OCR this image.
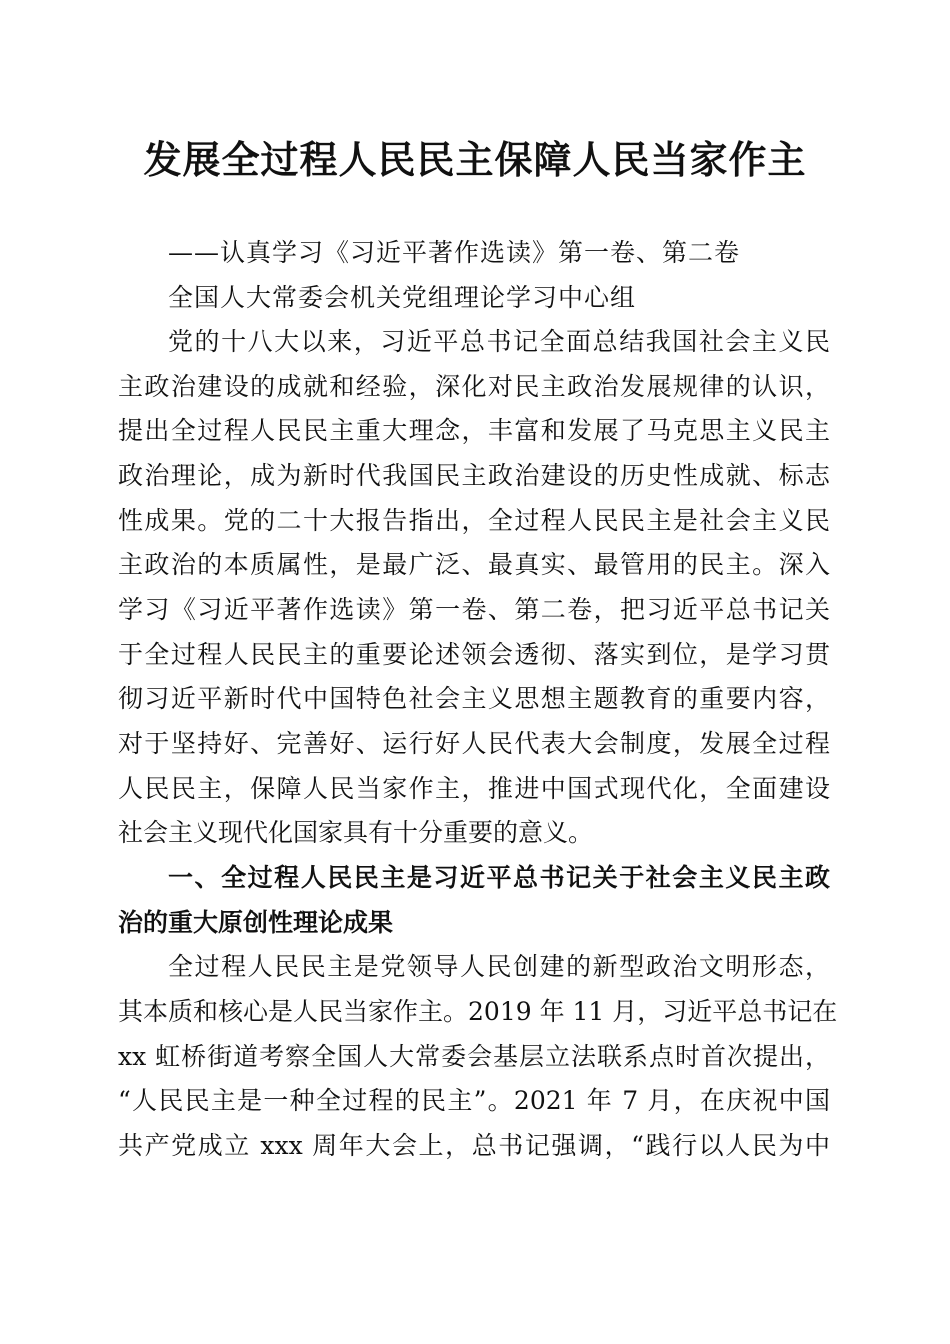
发展全过程人民民主保障人民当家作主
——认真学习《习近平著作选读》第一卷、第二卷
全国人大常委会机关党组理论学习中心组
党的十八大以来，习近平总书记全面总结我国社会主义民
主政治建设的成就和经验，深化对民主政治发展规律的认识，
提出全过程人民民主重大理念，丰富和发展了马克思主义民主
政治理论，成为新时代我国民主政治建设的历史性成就、标志
性成果。党的二十大报告指出，全过程人民民主是社会主义民
主政治的本质属性，是最广泛、最真实、最管用的民主。深入
学习《习近平著作选读》第一卷、第二卷，把习近平总书记关
于全过程人民民主的重要论述领会透彻、落实到位，是学习贯
彻习近平新时代中国特色社会主义思想主题教育的重要内容，
对于坚持好、完善好、运行好人民代表大会制度，发展全过程
人民民主，保障人民当家作主，推进中国式现代化，全面建设
社会主义现代化国家具有十分重要的意义。
一、全过程人民民主是习近平总书记关于社会主义民主政
治的重大原创性理论成果
全过程人民民主是党领导人民创建的新型政治文明形态，
其本质和核心是人民当家作主。2019 年 11 月，习近平总书记在
xx 虹桥街道考察全国人大常委会基层立法联系点时首次提出，
“人民民主是一种全过程的民主”。2021 年 7 月，在庆祝中国
共产党成立 xxx 周年大会上，总书记强调，“践行以人民为中
